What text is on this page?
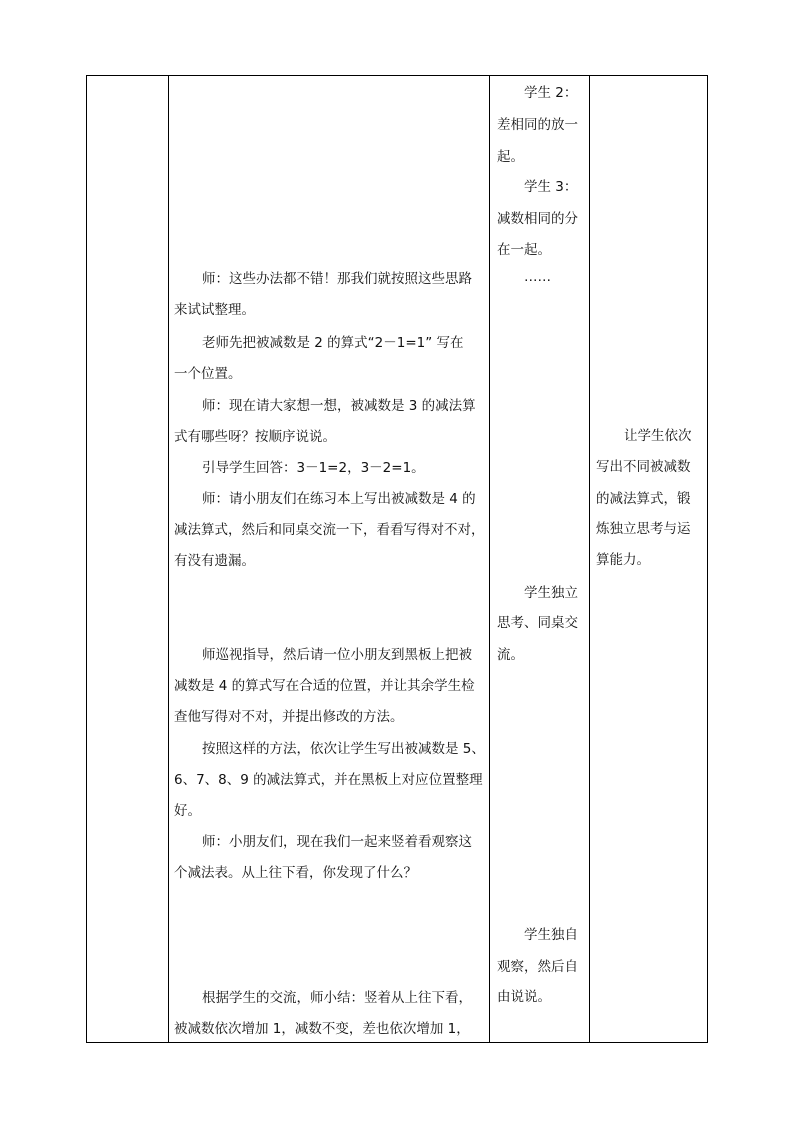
学生 2：
差相同的放一
起。
学生 3：
减数相同的分
在一起。
……
学生独立
思考、同桌交
流。
学生独自
观察，然后自
由说说。
让学生依次
写出不同被减数
的减法算式，锻
炼独立思考与运
算能力。
师：这些办法都不错！那我们就按照这些思路
来试试整理。
老师先把被减数是 2 的算式“2－1=1” 写在
一个位置。
师：现在请大家想一想，被减数是 3 的减法算
式有哪些呀？按顺序说说。
引导学生回答：3－1=2，3－2=1。
师：请小朋友们在练习本上写出被减数是 4 的
减法算式，然后和同桌交流一下，看看写得对不对，
有没有遗漏。
师巡视指导，然后请一位小朋友到黑板上把被
减数是 4 的算式写在合适的位置，并让其余学生检
查他写得对不对，并提出修改的方法。
按照这样的方法，依次让学生写出被减数是 5、
6、7、8、9 的减法算式，并在黑板上对应位置整理
好。
师：小朋友们，现在我们一起来竖着看观察这
个减法表。从上往下看，你发现了什么？
根据学生的交流，师小结：竖着从上往下看，
被减数依次增加 1，减数不变，差也依次增加 1，
